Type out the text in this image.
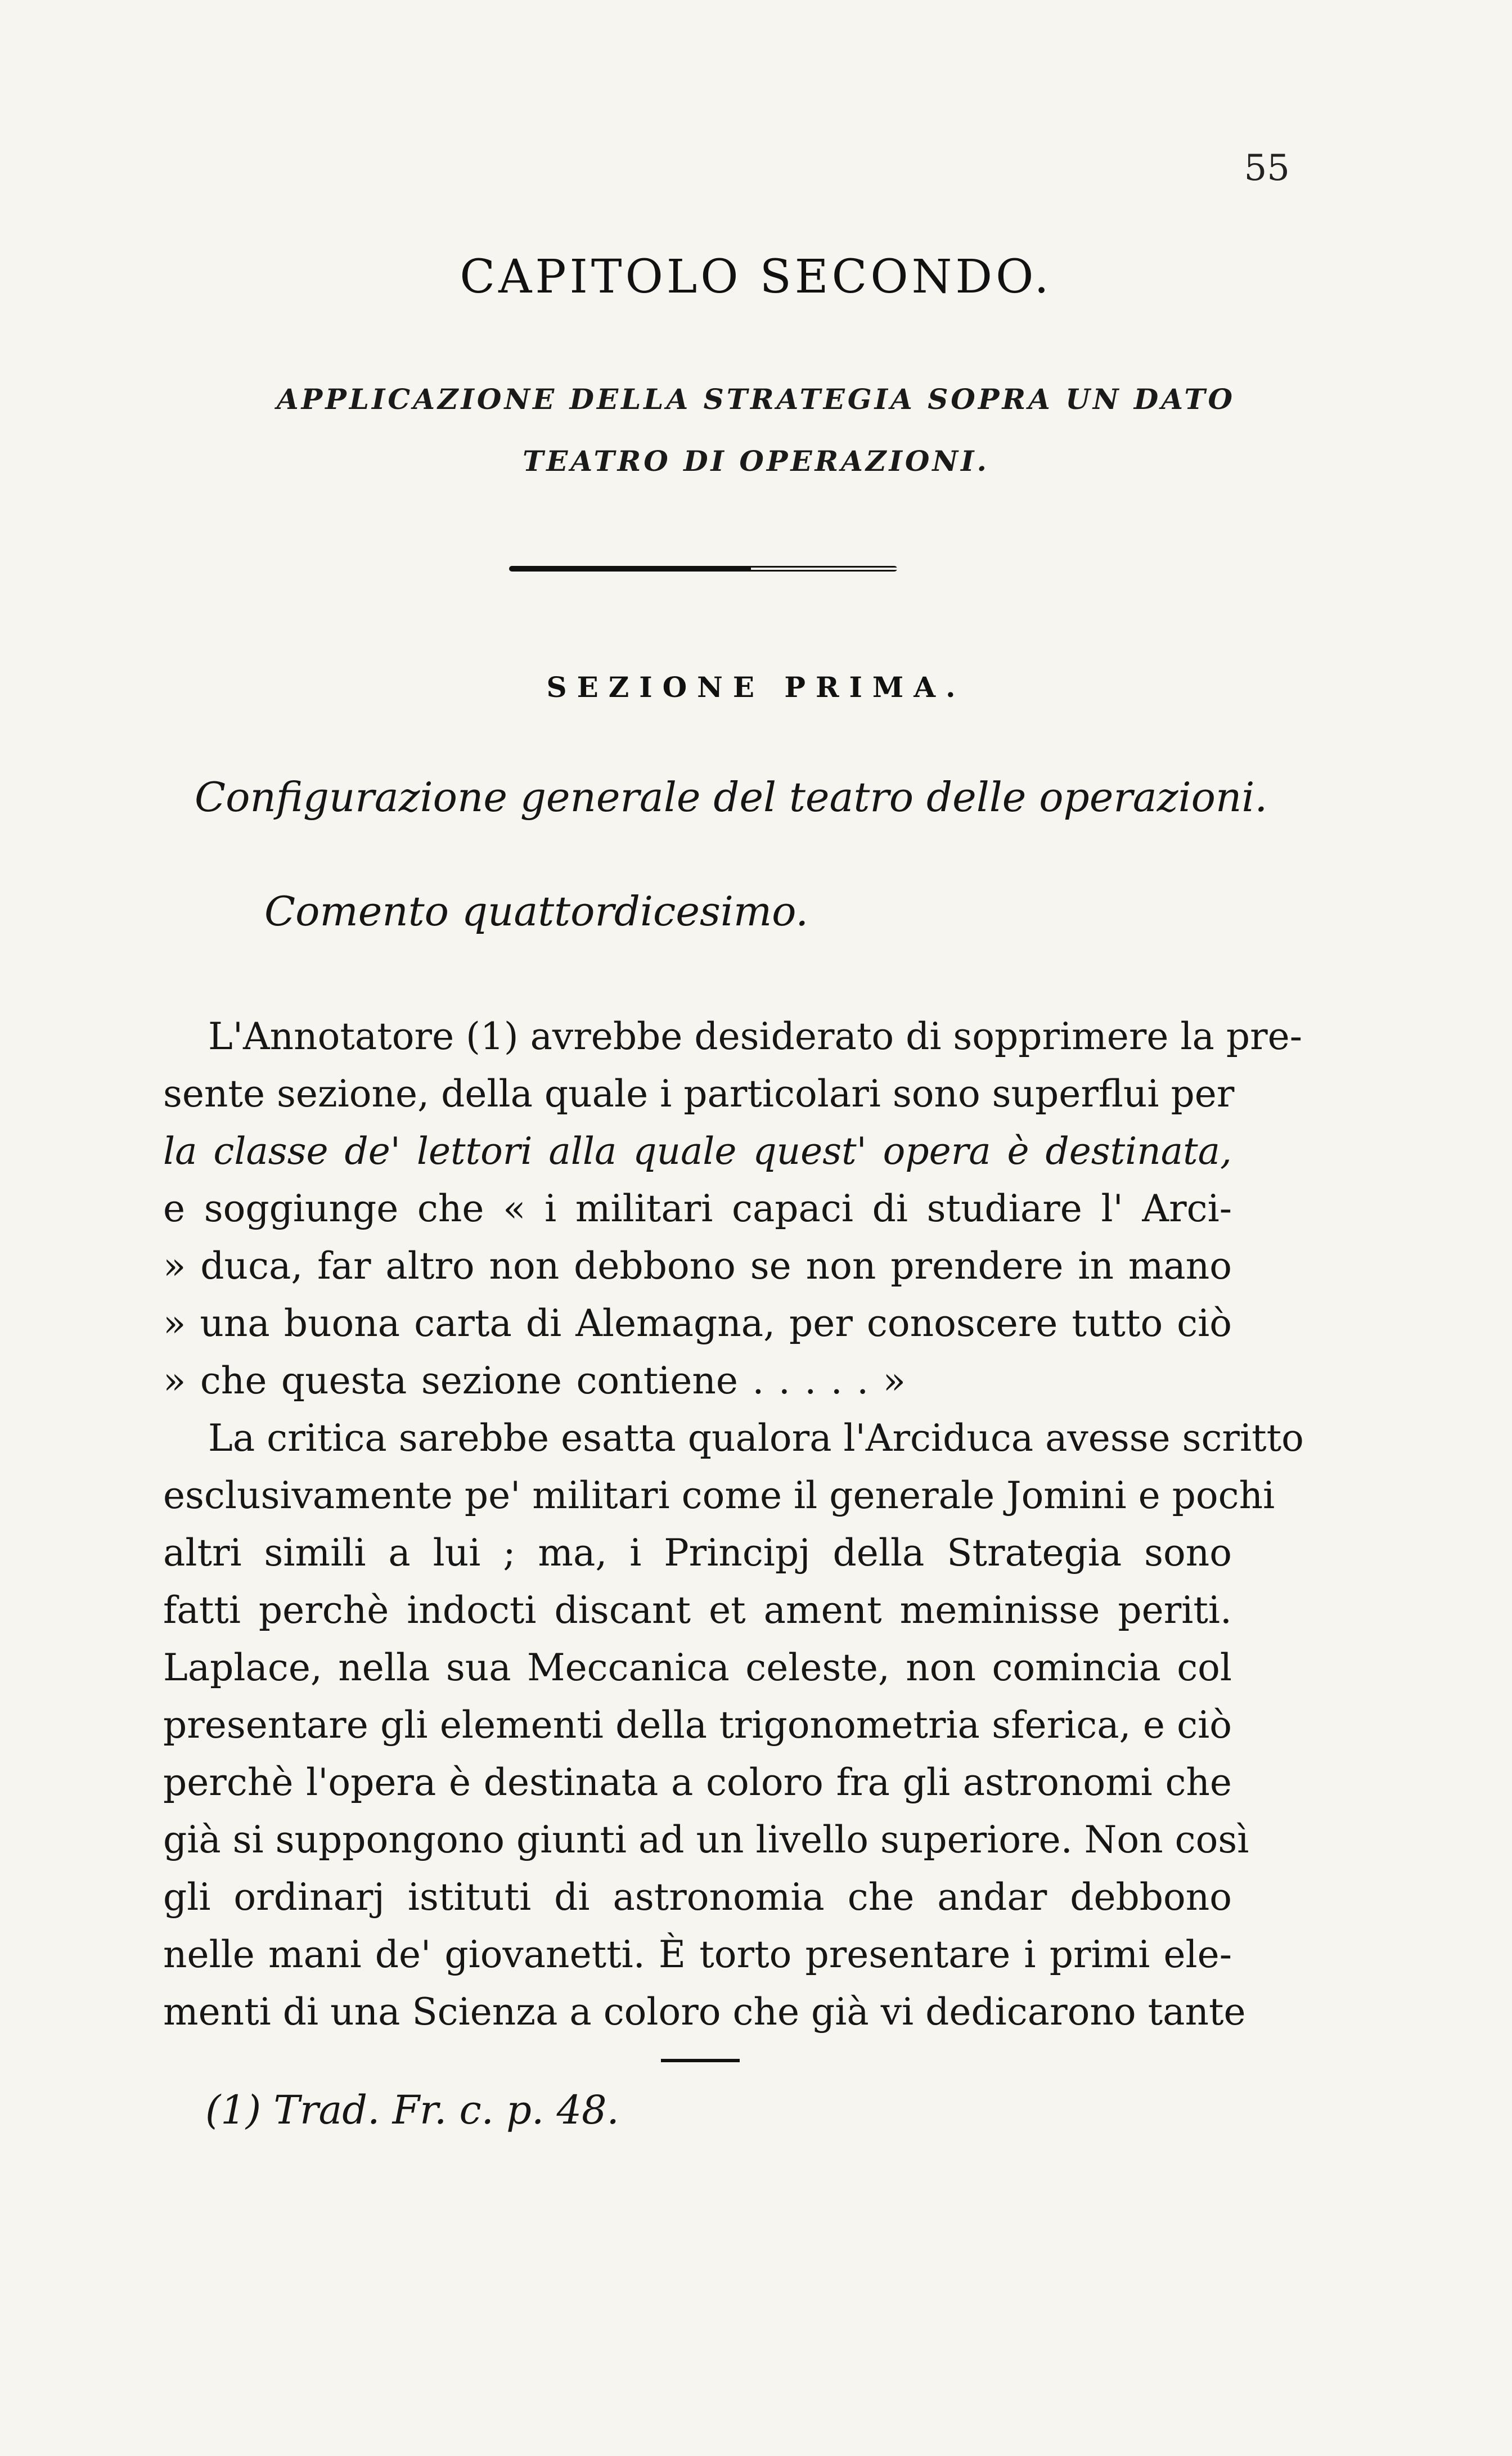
55
CAPITOLO SECONDO.
APPLICAZIONE DELLA STRATEGIA SOPRA UN DATO
TEATRO DI OPERAZIONI.
SEZIONE PRIMA.
Configurazione generale del teatro delle operazioni.
Comento quattordicesimo.
L'Annotatore (1) avrebbe desiderato di sopprimere la pre-
sente sezione, della quale i particolari sono superflui per
la classe de' lettori alla quale quest' opera è destinata,
e soggiunge che « i militari capaci di studiare l' Arci-
» duca, far altro non debbono se non prendere in mano
» una buona carta di Alemagna, per conoscere tutto ciò
» che questa sezione contiene . . . . . »
La critica sarebbe esatta qualora l'Arciduca avesse scritto
esclusivamente pe' militari come il generale Jomini e pochi
altri simili a lui ; ma, i Principj della Strategia sono
fatti perchè indocti discant et ament meminisse periti.
Laplace, nella sua Meccanica celeste, non comincia col
presentare gli elementi della trigonometria sferica, e ciò
perchè l'opera è destinata a coloro fra gli astronomi che
già si suppongono giunti ad un livello superiore. Non così
gli ordinarj istituti di astronomia che andar debbono
nelle mani de' giovanetti. È torto presentare i primi ele-
menti di una Scienza a coloro che già vi dedicarono tante
(1) Trad. Fr. c. p. 48.
